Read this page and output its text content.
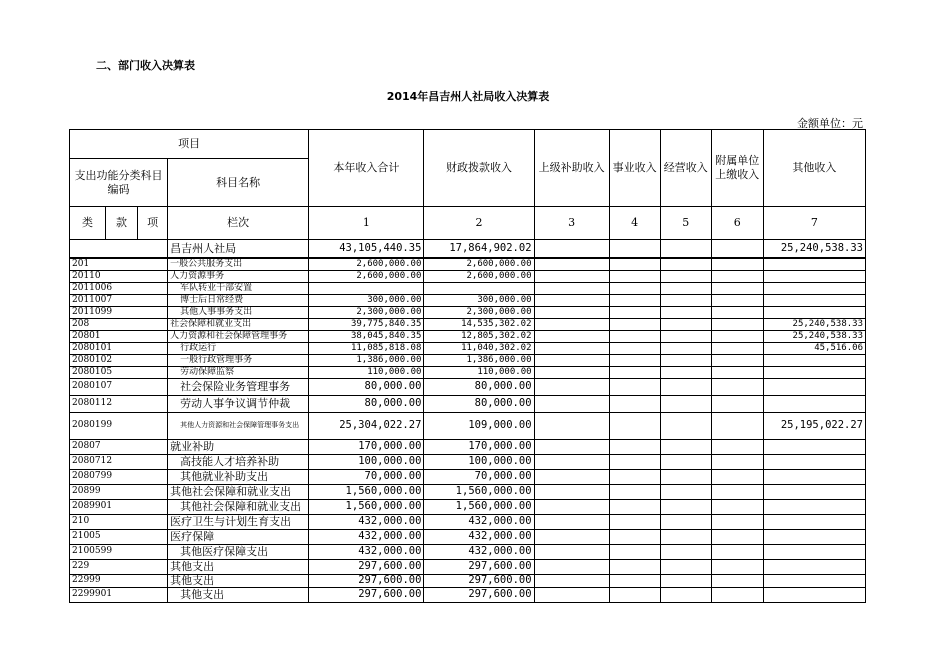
二、部门收入决算表
2014年昌吉州人社局收入决算表
金额单位：元
项目				本年收入合计	财政拨款收入	上级补助收入	事业收入	经营收入	附属单位上缴收入	其他收入
支出功能分类科目编码			科目名称							
类	款	项	栏次	1	2	3	4	5	6	7
			昌吉州人社局	43,105,440.35	17,864,902.02					25,240,538.33
201			一般公共服务支出	2,600,000.00	2,600,000.00					
20110			人力资源事务	2,600,000.00	2,600,000.00					
2011006			军队转业干部安置							
2011007			博士后日常经费	300,000.00	300,000.00					
2011099			其他人事事务支出	2,300,000.00	2,300,000.00					
208			社会保障和就业支出	39,775,840.35	14,535,302.02					25,240,538.33
20801			人力资源和社会保障管理事务	38,045,840.35	12,805,302.02					25,240,538.33
2080101			行政运行	11,085,818.08	11,040,302.02					45,516.06
2080102			一般行政管理事务	1,386,000.00	1,386,000.00					
2080105			劳动保障监察	110,000.00	110,000.00					
2080107			社会保险业务管理事务	80,000.00	80,000.00					
2080112			劳动人事争议调节仲裁	80,000.00	80,000.00					
2080199			其他人力资源和社会保障管理事务支出	25,304,022.27	109,000.00					25,195,022.27
20807			就业补助	170,000.00	170,000.00					
2080712			高技能人才培养补助	100,000.00	100,000.00					
2080799			其他就业补助支出	70,000.00	70,000.00					
20899			其他社会保障和就业支出	1,560,000.00	1,560,000.00					
2089901			其他社会保障和就业支出	1,560,000.00	1,560,000.00					
210			医疗卫生与计划生育支出	432,000.00	432,000.00					
21005			医疗保障	432,000.00	432,000.00					
2100599			其他医疗保障支出	432,000.00	432,000.00					
229			其他支出	297,600.00	297,600.00					
22999			其他支出	297,600.00	297,600.00					
2299901			其他支出	297,600.00	297,600.00					
